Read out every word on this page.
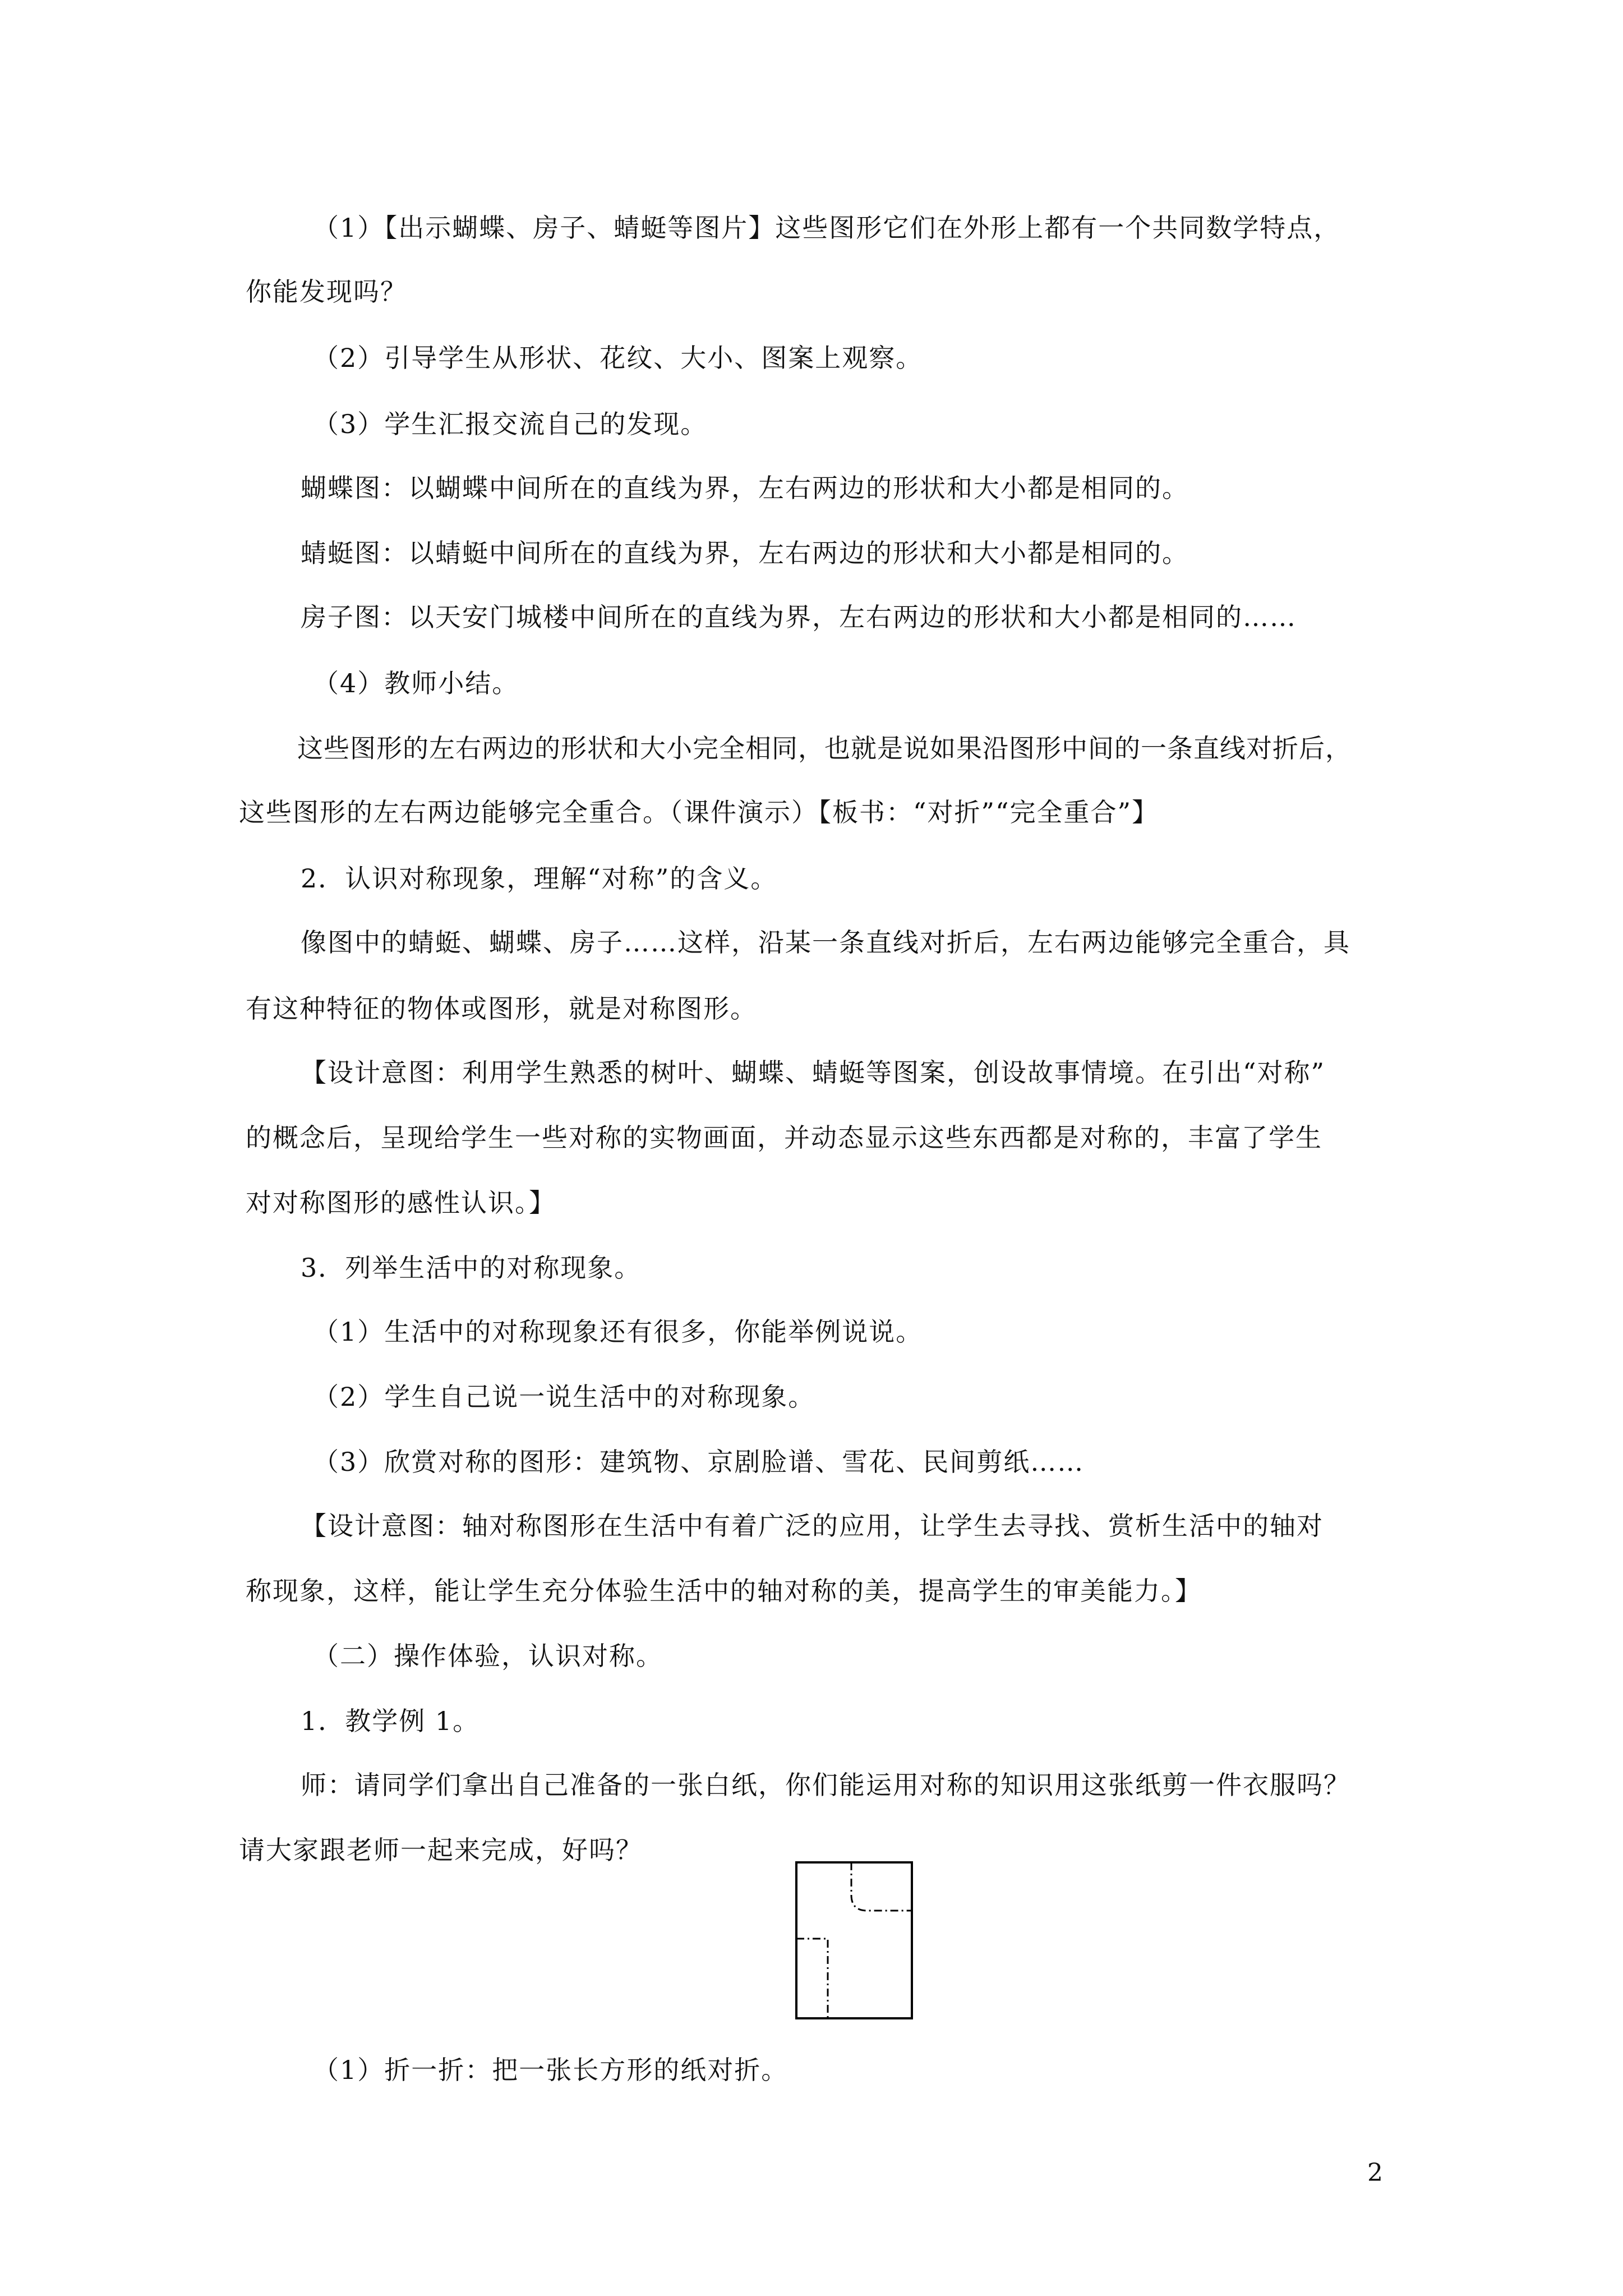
（1）【出示蝴蝶、房子、蜻蜓等图片】这些图形它们在外形上都有一个共同数学特点，
你能发现吗？
（2）引导学生从形状、花纹、大小、图案上观察。
（3）学生汇报交流自己的发现。
蝴蝶图：以蝴蝶中间所在的直线为界，左右两边的形状和大小都是相同的。
蜻蜓图：以蜻蜓中间所在的直线为界，左右两边的形状和大小都是相同的。
房子图：以天安门城楼中间所在的直线为界，左右两边的形状和大小都是相同的……
（4）教师小结。
这些图形的左右两边的形状和大小完全相同，也就是说如果沿图形中间的一条直线对折后，
这些图形的左右两边能够完全重合。（课件演示）【板书：“对折”“完全重合”】
2．认识对称现象，理解“对称”的含义。
像图中的蜻蜓、蝴蝶、房子……这样，沿某一条直线对折后，左右两边能够完全重合，具
有这种特征的物体或图形，就是对称图形。
【设计意图：利用学生熟悉的树叶、蝴蝶、蜻蜓等图案，创设故事情境。在引出“对称”
的概念后，呈现给学生一些对称的实物画面，并动态显示这些东西都是对称的，丰富了学生
对对称图形的感性认识。】
3．列举生活中的对称现象。
（1）生活中的对称现象还有很多，你能举例说说。
（2）学生自己说一说生活中的对称现象。
（3）欣赏对称的图形：建筑物、京剧脸谱、雪花、民间剪纸……
【设计意图：轴对称图形在生活中有着广泛的应用，让学生去寻找、赏析生活中的轴对
称现象，这样，能让学生充分体验生活中的轴对称的美，提高学生的审美能力。】
（二）操作体验，认识对称。
1．教学例 1。
师：请同学们拿出自己准备的一张白纸，你们能运用对称的知识用这张纸剪一件衣服吗？
请大家跟老师一起来完成，好吗？
（1）折一折：把一张长方形的纸对折。
2
